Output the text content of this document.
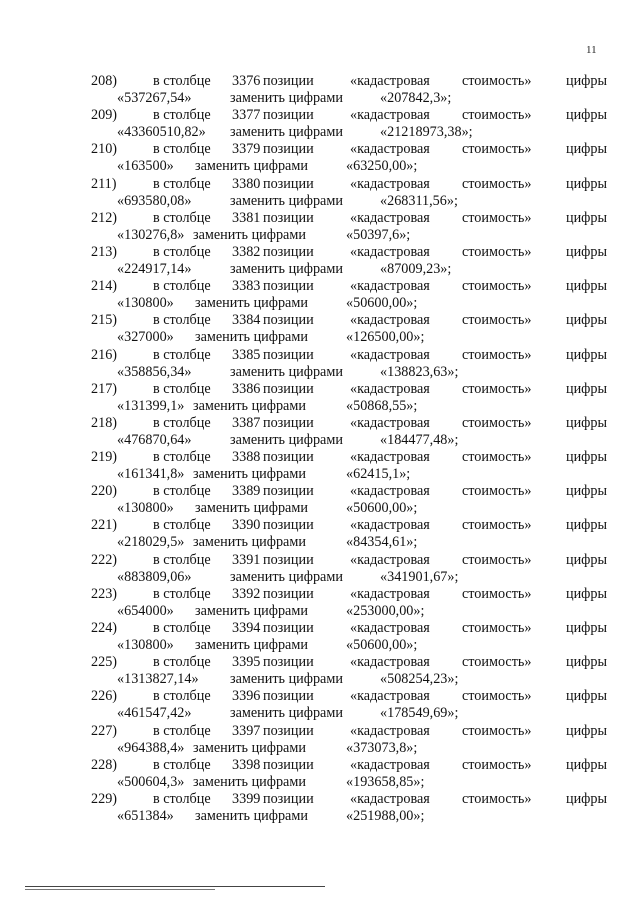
11
208)	в столбце 3376 позиции	«кадастровая стоимость» цифры
«537267,54»	заменить цифрами	«207842,3»;
209)	в столбце 3377 позиции	«кадастровая стоимость» цифры
«43360510,82» заменить цифрами	«21218973,38»;
210)	в столбце 3379 позиции	«кадастровая стоимость» цифры
«163500» заменить цифрами	«63250,00»;
211)	в столбце 3380 позиции	«кадастровая стоимость» цифры
«693580,08»	заменить цифрами	«268311,56»;
212)	в столбце 3381 позиции	«кадастровая стоимость» цифры
«130276,8» заменить цифрами	«50397,6»;
213)	в столбце 3382 позиции	«кадастровая стоимость» цифры
«224917,14»	заменить цифрами	«87009,23»;
214)	в столбце 3383 позиции	«кадастровая стоимость» цифры
«130800» заменить цифрами	«50600,00»;
215)	в столбце 3384 позиции	«кадастровая стоимость» цифры
«327000» заменить цифрами	«126500,00»;
216)	в столбце 3385 позиции	«кадастровая стоимость» цифры
«358856,34»	заменить цифрами	«138823,63»;
217)	в столбце 3386 позиции	«кадастровая стоимость» цифры
«131399,1» заменить цифрами	«50868,55»;
218)	в столбце 3387 позиции	«кадастровая стоимость» цифры
«476870,64»	заменить цифрами	«184477,48»;
219)	в столбце 3388 позиции	«кадастровая стоимость» цифры
«161341,8» заменить цифрами	«62415,1»;
220)	в столбце 3389 позиции	«кадастровая стоимость» цифры
«130800» заменить цифрами	«50600,00»;
221)	в столбце 3390 позиции	«кадастровая стоимость» цифры
«218029,5» заменить цифрами	«84354,61»;
222)	в столбце 3391 позиции	«кадастровая стоимость» цифры
«883809,06»	заменить цифрами	«341901,67»;
223)	в столбце 3392 позиции	«кадастровая стоимость» цифры
«654000» заменить цифрами	«253000,00»;
224)	в столбце 3394 позиции	«кадастровая стоимость» цифры
«130800» заменить цифрами	«50600,00»;
225)	в столбце 3395 позиции	«кадастровая стоимость» цифры
«1313827,14» заменить цифрами	«508254,23»;
226)	в столбце 3396 позиции	«кадастровая стоимость» цифры
«461547,42»	заменить цифрами	«178549,69»;
227)	в столбце 3397 позиции	«кадастровая стоимость» цифры
«964388,4» заменить цифрами	«373073,8»;
228)	в столбце 3398 позиции	«кадастровая стоимость» цифры
«500604,3» заменить цифрами	«193658,85»;
229)	в столбце 3399 позиции	«кадастровая стоимость» цифры
«651384» заменить цифрами	«251988,00»;
